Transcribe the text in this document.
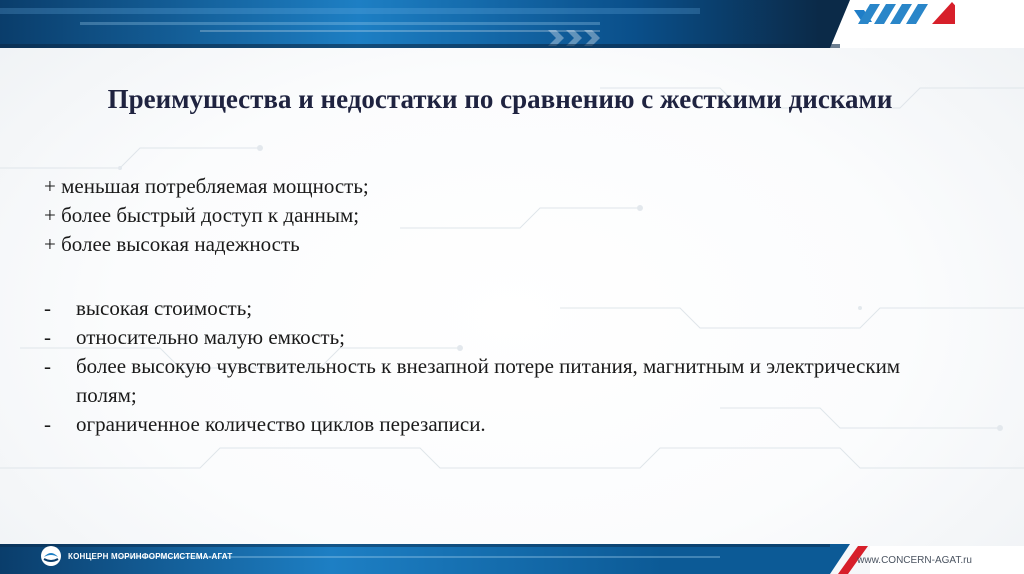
Преимущества и недостатки по сравнению с жесткими дисками
+ меньшая потребляемая мощность;
+ более быстрый доступ к данным;
+ более высокая надежность
- высокая стоимость;
- относительно малую емкость;
- более высокую чувствительность к внезапной потере питания, магнитным и электрическим полям;
- ограниченное количество циклов перезаписи.
КОНЦЕРН МОРИНФОРМСИСТЕМА-АГАТ	www.CONCERN-AGAT.ru
